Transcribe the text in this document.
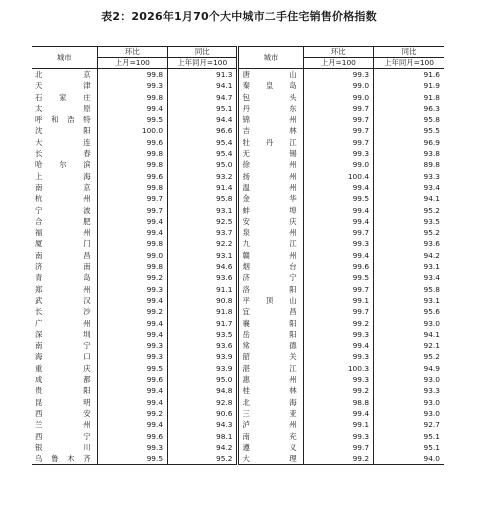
表2：2026年1月70个大中城市二手住宅销售价格指数
城市	环比	同比	城市	环比	同比
	上月=100	上年同月=100		上月=100	上年同月=100
北　京	99.8	91.3	唐　山	99.3	91.6
天　津	99.3	94.1	秦皇岛	99.0	91.9
石家庄	99.8	94.7	包　头	99.0	91.8
太　原	99.4	95.1	丹　东	99.7	96.3
呼和浩特	99.5	94.4	锦　州	99.7	95.8
沈　阳	100.0	96.6	吉　林	99.7	95.5
大　连	99.6	95.4	牡丹江	99.7	96.9
长　春	99.8	95.4	无　锡	99.3	93.8
哈尔滨	99.8	95.0	徐　州	99.0	89.8
上　海	99.6	93.2	扬　州	100.4	93.3
南　京	99.8	91.4	温　州	99.4	93.4
杭　州	99.7	95.8	金　华	99.5	94.1
宁　波	99.7	93.1	蚌　埠	99.4	95.2
合　肥	99.4	92.5	安　庆	99.4	93.5
福　州	99.4	93.7	泉　州	99.7	95.2
厦　门	99.8	92.2	九　江	99.3	93.6
南　昌	99.0	93.1	赣　州	99.4	94.2
济　南	99.8	94.6	烟　台	99.6	93.1
青　岛	99.2	93.6	济　宁	99.5	93.4
郑　州	99.3	91.1	洛　阳	99.7	95.8
武　汉	99.4	90.8	平顶山	99.1	93.1
长　沙	99.2	91.8	宜　昌	99.7	95.6
广　州	99.4	91.7	襄　阳	99.2	93.0
深　圳	99.4	93.5	岳　阳	99.3	94.1
南　宁	99.3	93.6	常　德	99.4	92.1
海　口	99.3	93.9	韶　关	99.3	95.2
重　庆	99.5	93.9	湛　江	100.3	94.9
成　都	99.6	95.0	惠　州	99.3	93.0
贵　阳	99.4	94.8	桂　林	99.2	93.3
昆　明	99.4	92.8	北　海	98.8	93.0
西　安	99.2	90.6	三　亚	99.4	93.0
兰　州	99.4	94.3	泸　州	99.1	92.7
西　宁	99.6	98.1	南　充	99.3	95.1
银　川	99.3	94.2	遵　义	99.7	95.1
乌鲁木齐	99.5	95.2	大　理	99.2	94.0
